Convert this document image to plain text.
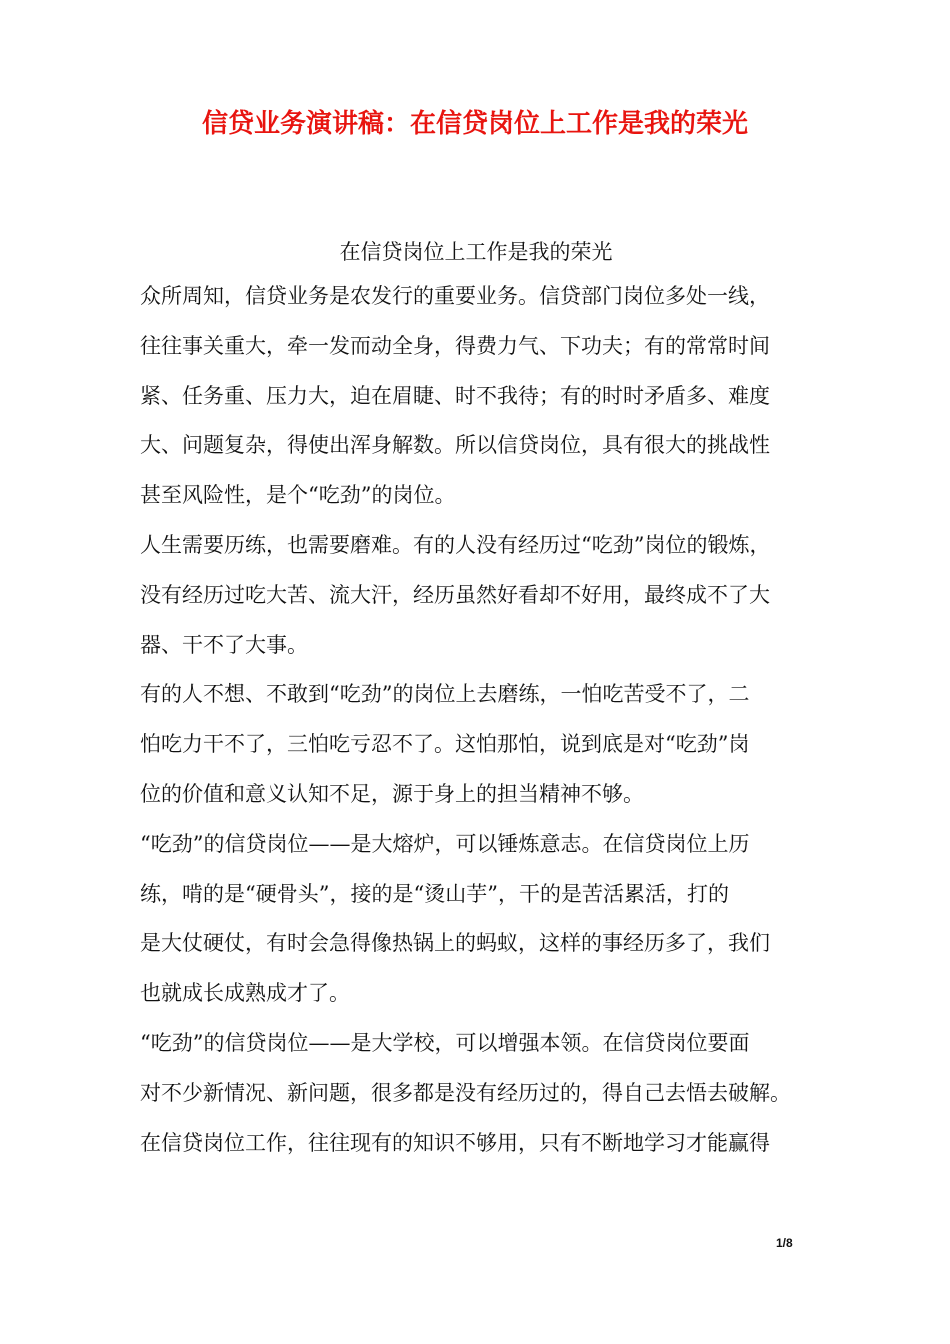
信贷业务演讲稿：在信贷岗位上工作是我的荣光
在信贷岗位上工作是我的荣光
众所周知，信贷业务是农发行的重要业务。信贷部门岗位多处一线，
往往事关重大，牵一发而动全身，得费力气、下功夫；有的常常时间
紧、任务重、压力大，迫在眉睫、时不我待；有的时时矛盾多、难度
大、问题复杂，得使出浑身解数。所以信贷岗位，具有很大的挑战性
甚至风险性，是个“吃劲”的岗位。
人生需要历练，也需要磨难。有的人没有经历过“吃劲”岗位的锻炼，
没有经历过吃大苦、流大汗，经历虽然好看却不好用，最终成不了大
器、干不了大事。
有的人不想、不敢到“吃劲”的岗位上去磨练，一怕吃苦受不了，二
怕吃力干不了，三怕吃亏忍不了。这怕那怕，说到底是对“吃劲”岗
位的价值和意义认知不足，源于身上的担当精神不够。
“吃劲”的信贷岗位——是大熔炉，可以锤炼意志。在信贷岗位上历
练，啃的是“硬骨头”，接的是“烫山芋”，干的是苦活累活，打的
是大仗硬仗，有时会急得像热锅上的蚂蚁，这样的事经历多了，我们
也就成长成熟成才了。
“吃劲”的信贷岗位——是大学校，可以增强本领。在信贷岗位要面
对不少新情况、新问题，很多都是没有经历过的，得自己去悟去破解。
在信贷岗位工作，往往现有的知识不够用，只有不断地学习才能赢得
1/8
